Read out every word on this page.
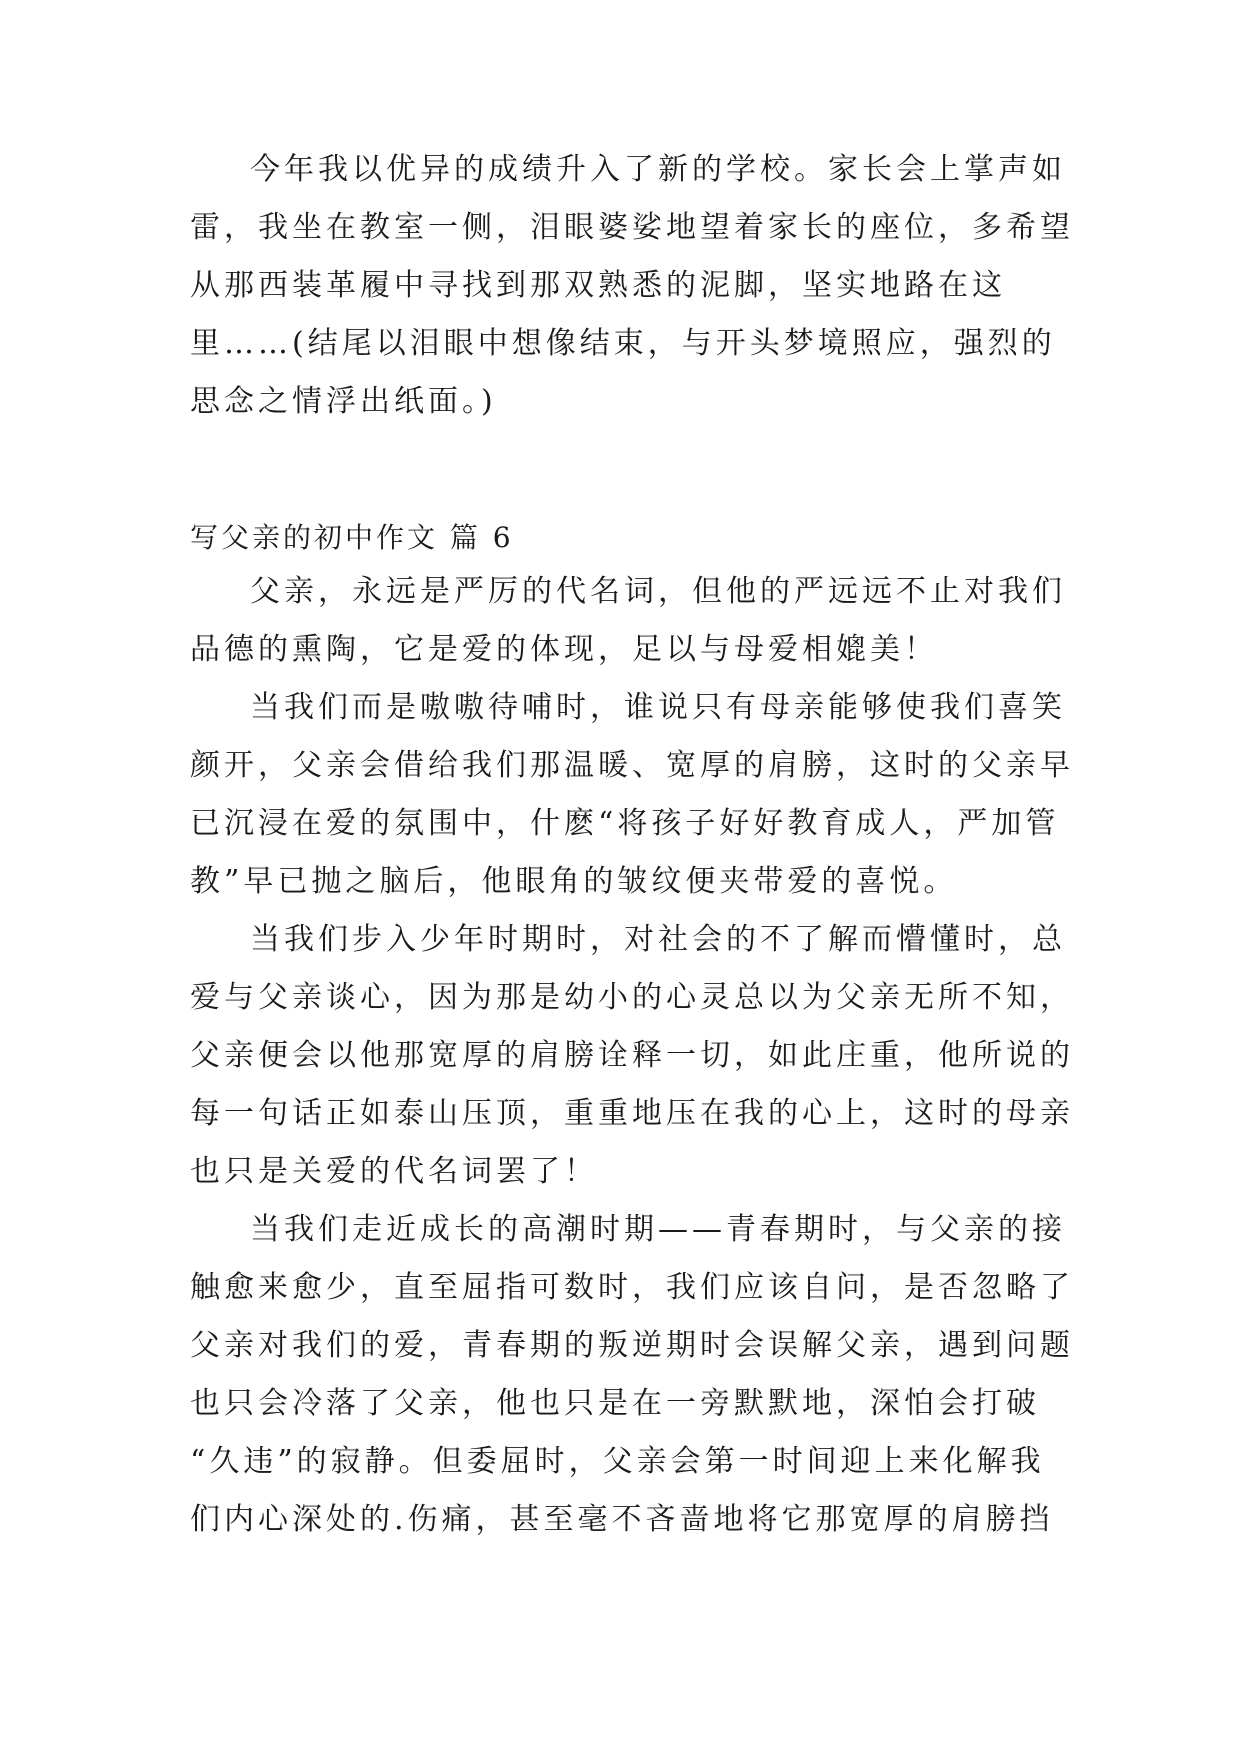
今年我以优异的成绩升入了新的学校。家长会上掌声如
雷，我坐在教室一侧，泪眼婆娑地望着家长的座位，多希望
从那西装革履中寻找到那双熟悉的泥脚，坚实地路在这
里……(结尾以泪眼中想像结束，与开头梦境照应，强烈的
思念之情浮出纸面。)
写父亲的初中作文 篇 6
父亲，永远是严厉的代名词，但他的严远远不止对我们
品德的熏陶，它是爱的体现，足以与母爱相媲美！
当我们而是嗷嗷待哺时，谁说只有母亲能够使我们喜笑
颜开，父亲会借给我们那温暖、宽厚的肩膀，这时的父亲早
已沉浸在爱的氛围中，什麽“将孩子好好教育成人，严加管
教”早已抛之脑后，他眼角的皱纹便夹带爱的喜悦。
当我们步入少年时期时，对社会的不了解而懵懂时，总
爱与父亲谈心，因为那是幼小的心灵总以为父亲无所不知，
父亲便会以他那宽厚的肩膀诠释一切，如此庄重，他所说的
每一句话正如泰山压顶，重重地压在我的心上，这时的母亲
也只是关爱的代名词罢了！
当我们走近成长的高潮时期——青春期时，与父亲的接
触愈来愈少，直至屈指可数时，我们应该自问，是否忽略了
父亲对我们的爱，青春期的叛逆期时会误解父亲，遇到问题
也只会冷落了父亲，他也只是在一旁默默地，深怕会打破
“久违”的寂静。但委屈时，父亲会第一时间迎上来化解我
们内心深处的.伤痛，甚至毫不吝啬地将它那宽厚的肩膀挡
